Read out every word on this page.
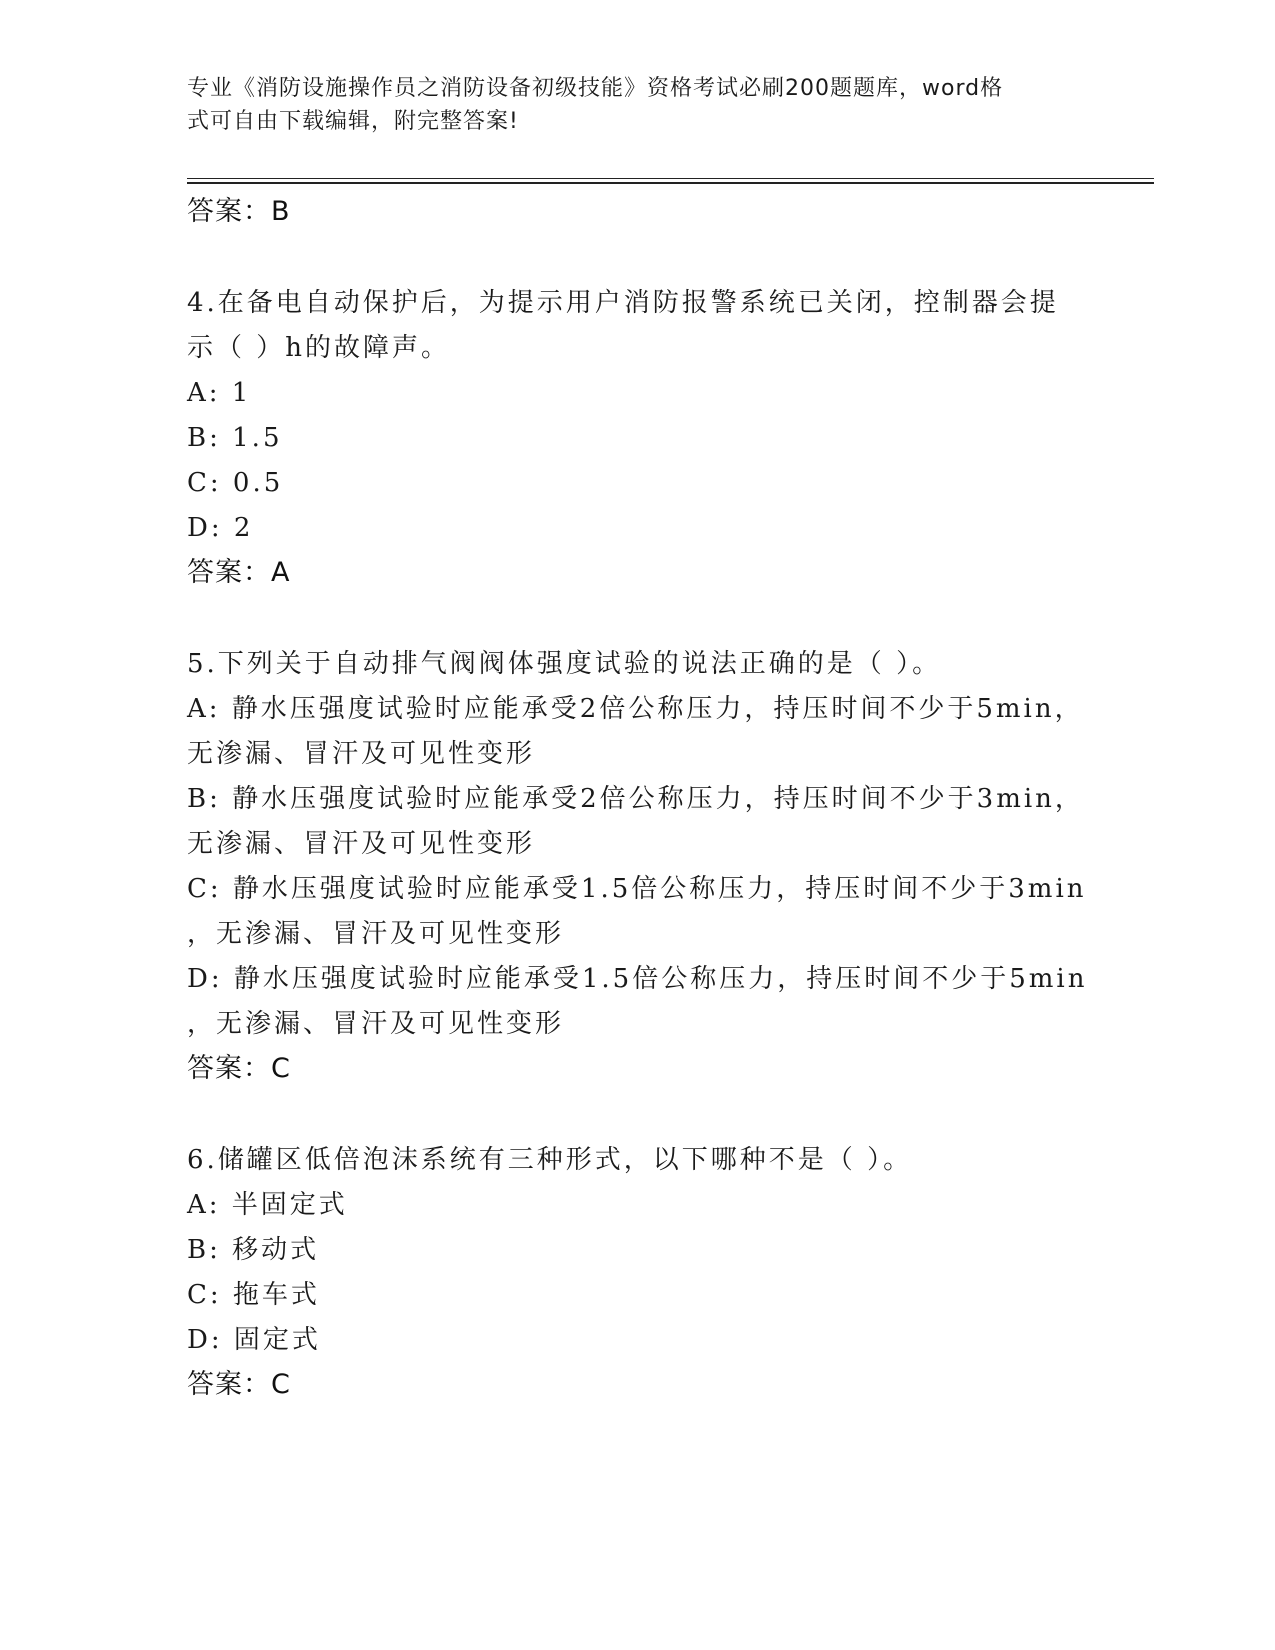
专业《消防设施操作员之消防设备初级技能》资格考试必刷200题题库，word格
式可自由下载编辑，附完整答案!
答案：B
4.在备电自动保护后，为提示用户消防报警系统已关闭，控制器会提
示（ ）h的故障声。
A: 1
B: 1.5
C: 0.5
D: 2
答案：A
5.下列关于自动排气阀阀体强度试验的说法正确的是（ ）。
A: 静水压强度试验时应能承受2倍公称压力，持压时间不少于5min，
无渗漏、冒汗及可见性变形
B: 静水压强度试验时应能承受2倍公称压力，持压时间不少于3min，
无渗漏、冒汗及可见性变形
C: 静水压强度试验时应能承受1.5倍公称压力，持压时间不少于3min
，无渗漏、冒汗及可见性变形
D: 静水压强度试验时应能承受1.5倍公称压力，持压时间不少于5min
，无渗漏、冒汗及可见性变形
答案：C
6.储罐区低倍泡沫系统有三种形式，以下哪种不是（ ）。
A: 半固定式
B: 移动式
C: 拖车式
D: 固定式
答案：C
